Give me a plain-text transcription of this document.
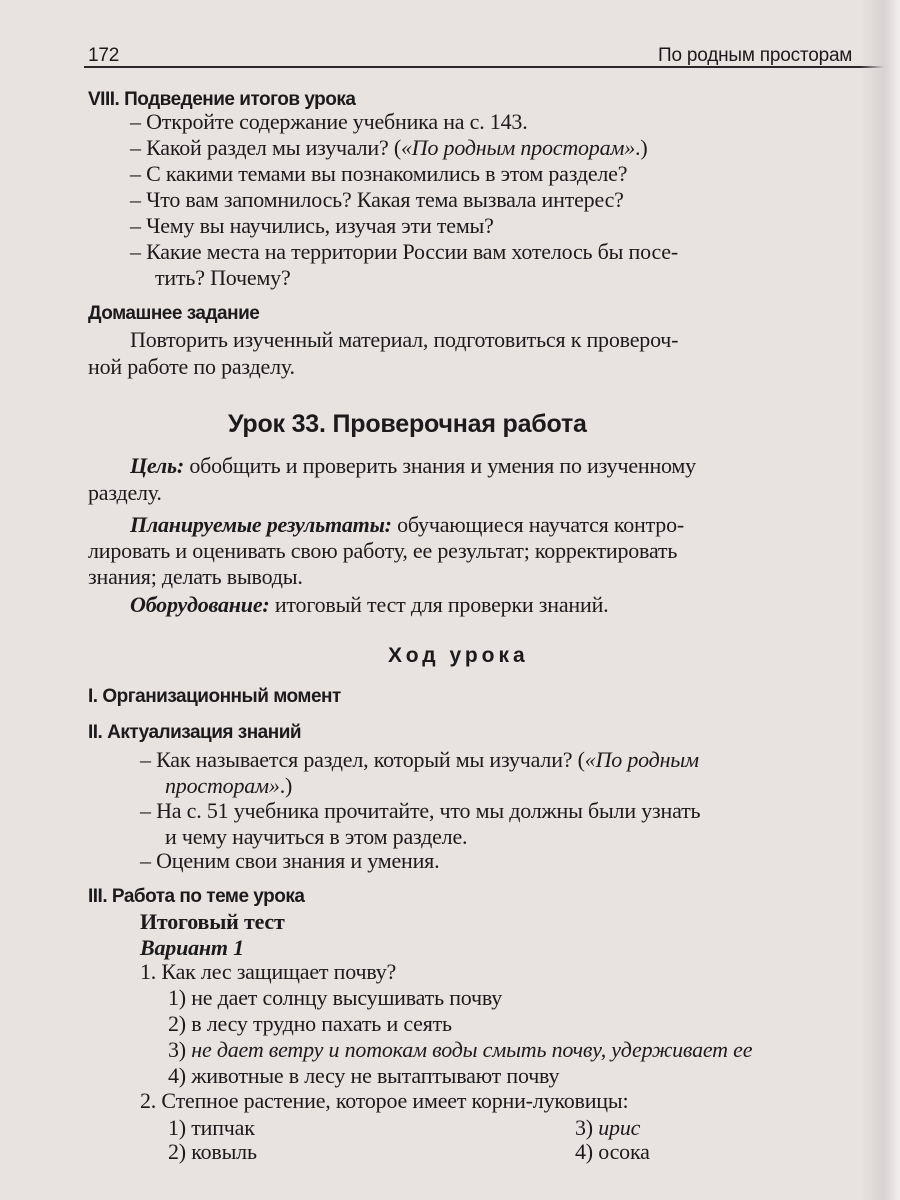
172	По родным просторам
VIII. Подведение итогов урока
– Откройте содержание учебника на с. 143.
– Какой раздел мы изучали? («По родным просторам».)
– С какими темами вы познакомились в этом разделе?
– Что вам запомнилось? Какая тема вызвала интерес?
– Чему вы научились, изучая эти темы?
– Какие места на территории России вам хотелось бы посе-
тить? Почему?
Домашнее задание
Повторить изученный материал, подготовиться к провероч-
ной работе по разделу.
Урок 33. Проверочная работа
Цель: обобщить и проверить знания и умения по изученному
разделу.
Планируемые результаты: обучающиеся научатся контро-
лировать и оценивать свою работу, ее результат; корректировать
знания; делать выводы.
Оборудование: итоговый тест для проверки знаний.
Ход урока
I. Организационный момент
II. Актуализация знаний
– Как называется раздел, который мы изучали? («По родным
просторам».)
– На с. 51 учебника прочитайте, что мы должны были узнать
и чему научиться в этом разделе.
– Оценим свои знания и умения.
III. Работа по теме урока
Итоговый тест
Вариант 1
1. Как лес защищает почву?
1) не дает солнцу высушивать почву
2) в лесу трудно пахать и сеять
3) не дает ветру и потокам воды смыть почву, удерживает ее
4) животные в лесу не вытаптывают почву
2. Степное растение, которое имеет корни-луковицы:
1) типчак	3) ирис
2) ковыль	4) осока
